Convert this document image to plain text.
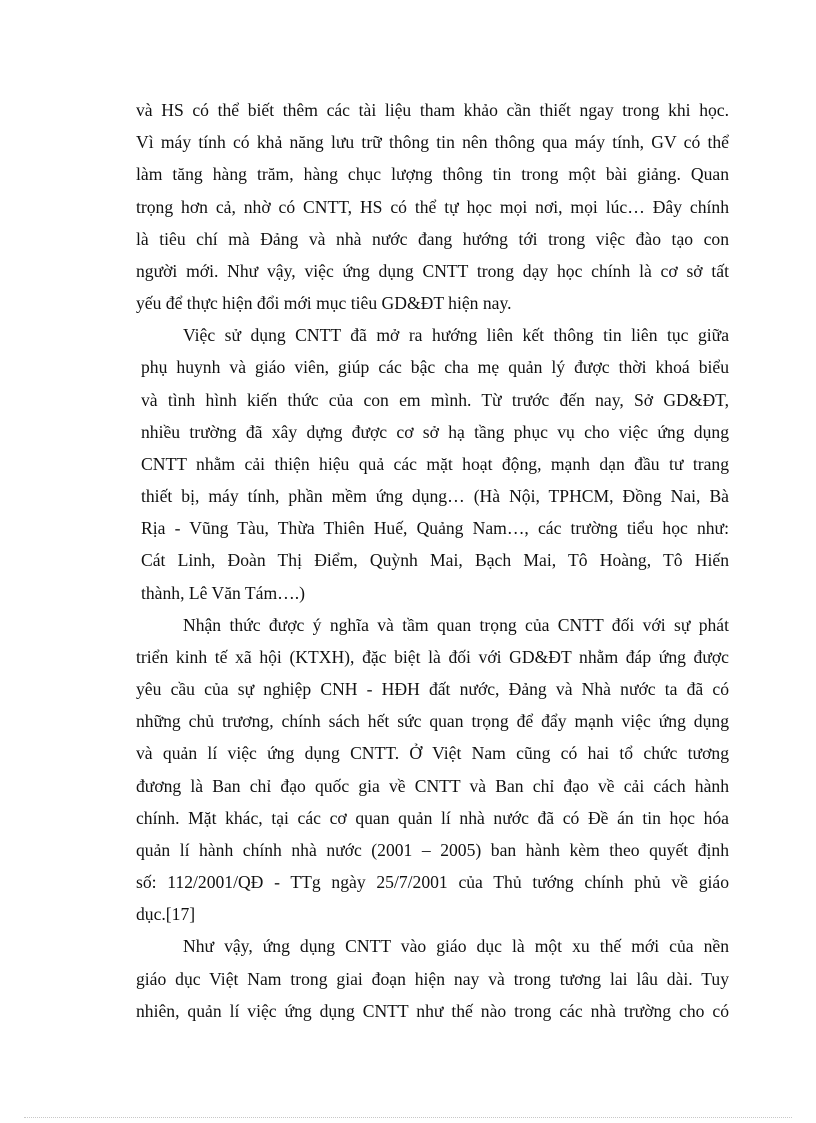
và HS có thể biết thêm các tài liệu tham khảo cần thiết ngay trong khi học.
Vì máy tính có khả năng lưu trữ thông tin nên thông qua máy tính, GV có thể
làm tăng hàng trăm, hàng chục lượng thông tin trong một bài giảng. Quan
trọng hơn cả, nhờ có CNTT, HS có thể tự học mọi nơi, mọi lúc… Đây chính
là tiêu chí mà Đảng và nhà nước đang hướng tới trong việc đào tạo con
người mới. Như vậy, việc ứng dụng CNTT trong dạy học chính là cơ sở tất
yếu để thực hiện đổi mới mục tiêu GD&ĐT hiện nay.
Việc sử dụng CNTT đã mở ra hướng liên kết thông tin liên tục giữa
phụ huynh và giáo viên, giúp các bậc cha mẹ quản lý được thời khoá biểu
và tình hình kiến thức của con em mình. Từ trước đến nay, Sở GD&ĐT,
nhiều trường đã xây dựng được cơ sở hạ tầng phục vụ cho việc ứng dụng
CNTT nhằm cải thiện hiệu quả các mặt hoạt động, mạnh dạn đầu tư trang
thiết bị, máy tính, phần mềm ứng dụng… (Hà Nội, TPHCM, Đồng Nai, Bà
Rịa - Vũng Tàu, Thừa Thiên Huế, Quảng Nam…, các trường tiểu học như:
Cát Linh, Đoàn Thị Điểm, Quỳnh Mai, Bạch Mai, Tô Hoàng, Tô Hiến
thành, Lê Văn Tám….)
Nhận thức được ý nghĩa và tầm quan trọng của CNTT đối với sự phát
triển kinh tế xã hội (KTXH), đặc biệt là đối với GD&ĐT nhằm đáp ứng được
yêu cầu của sự nghiệp CNH - HĐH đất nước, Đảng và Nhà nước ta đã có
những chủ trương, chính sách hết sức quan trọng để đẩy mạnh việc ứng dụng
và quản lí việc ứng dụng CNTT. Ở Việt Nam cũng có hai tổ chức tương
đương là Ban chỉ đạo quốc gia về CNTT và Ban chỉ đạo về cải cách hành
chính. Mặt khác, tại các cơ quan quản lí nhà nước đã có Đề án tin học hóa
quản lí hành chính nhà nước (2001 – 2005) ban hành kèm theo quyết định
số: 112/2001/QĐ - TTg ngày 25/7/2001 của Thủ tướng chính phủ về giáo
dục.[17]
Như vậy, ứng dụng CNTT vào giáo dục là một xu thế mới của nền
giáo dục Việt Nam trong giai đoạn hiện nay và trong tương lai lâu dài. Tuy
nhiên, quản lí việc ứng dụng CNTT như thế nào trong các nhà trường cho có
